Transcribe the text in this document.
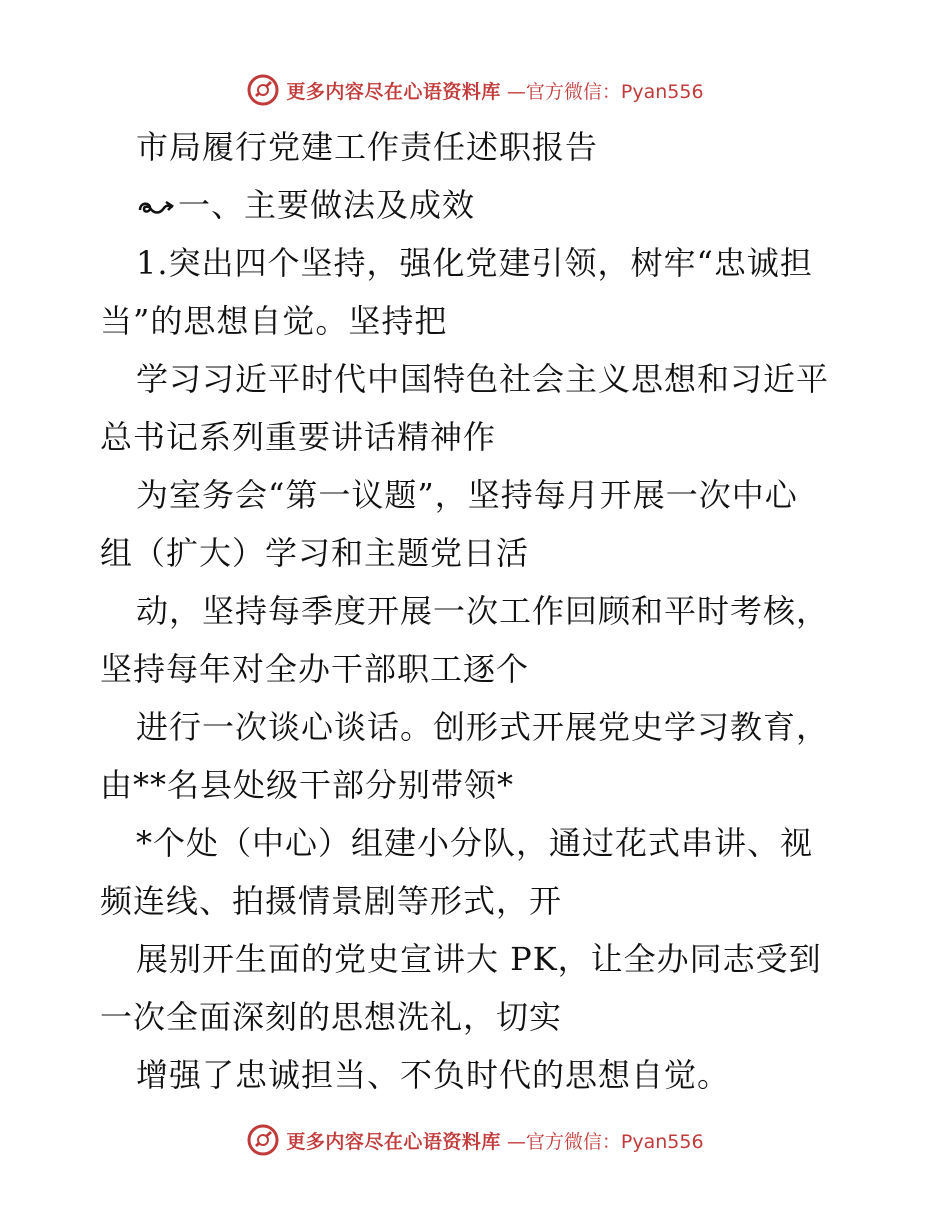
更多内容尽在心语资料库 —官方微信：Pyan556
市局履行党建工作责任述职报告
一、主要做法及成效
1.突出四个坚持，强化党建引领，树牢“忠诚担
当”的思想自觉。坚持把
学习习近平时代中国特色社会主义思想和习近平
总书记系列重要讲话精神作
为室务会“第一议题”，坚持每月开展一次中心
组（扩大）学习和主题党日活
动，坚持每季度开展一次工作回顾和平时考核，
坚持每年对全办干部职工逐个
进行一次谈心谈话。创形式开展党史学习教育，
由**名县处级干部分别带领*
*个处（中心）组建小分队，通过花式串讲、视
频连线、拍摄情景剧等形式，开
展别开生面的党史宣讲大 PK，让全办同志受到
一次全面深刻的思想洗礼，切实
增强了忠诚担当、不负时代的思想自觉。
更多内容尽在心语资料库 —官方微信：Pyan556
